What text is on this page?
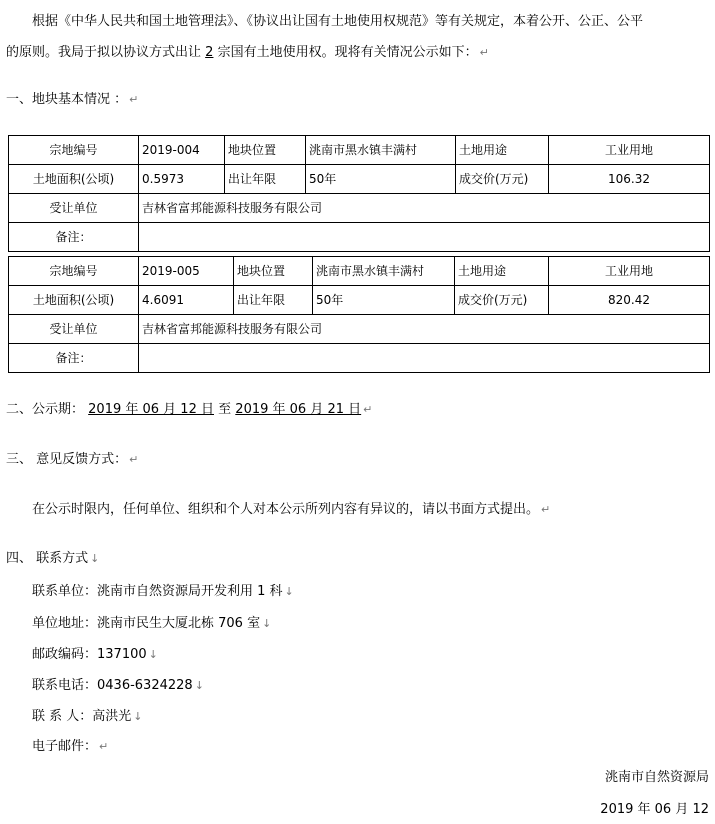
根据《中华人民共和国土地管理法》、《协议出让国有土地使用权规范》等有关规定，本着公开、公正、公平
的原则。我局于拟以协议方式出让 2 宗国有土地使用权。现将有关情况公示如下： ↵
一、地块基本情况 ： ↵
宗地编号	2019-004	地块位置	洮南市黑水镇丰满村	土地用途	工业用地
土地面积(公顷)	0.5973	出让年限	50年	成交价(万元)	106.32
受让单位	吉林省富邦能源科技服务有限公司				
备注：					
宗地编号	2019-005	地块位置	洮南市黑水镇丰满村	土地用途	工业用地
土地面积(公顷)	4.6091	出让年限	50年	成交价(万元)	820.42
受让单位	吉林省富邦能源科技服务有限公司				
备注：					
二、公示期： 2019 年 06 月 12 日 至 2019 年 06 月 21 日 ↵
三、 意见反馈方式： ↵
在公示时限内，任何单位、组织和个人对本公示所列内容有异议的，请以书面方式提出。 ↵
四、 联系方式 ↓
联系单位：洮南市自然资源局开发利用 1 科 ↓
单位地址：洮南市民生大厦北栋 706 室 ↓
邮政编码：137100 ↓
联系电话：0436-6324228 ↓
联 系 人：高洪光 ↓
电子邮件： ↵
洮南市自然资源局
2019 年 06 月 12
